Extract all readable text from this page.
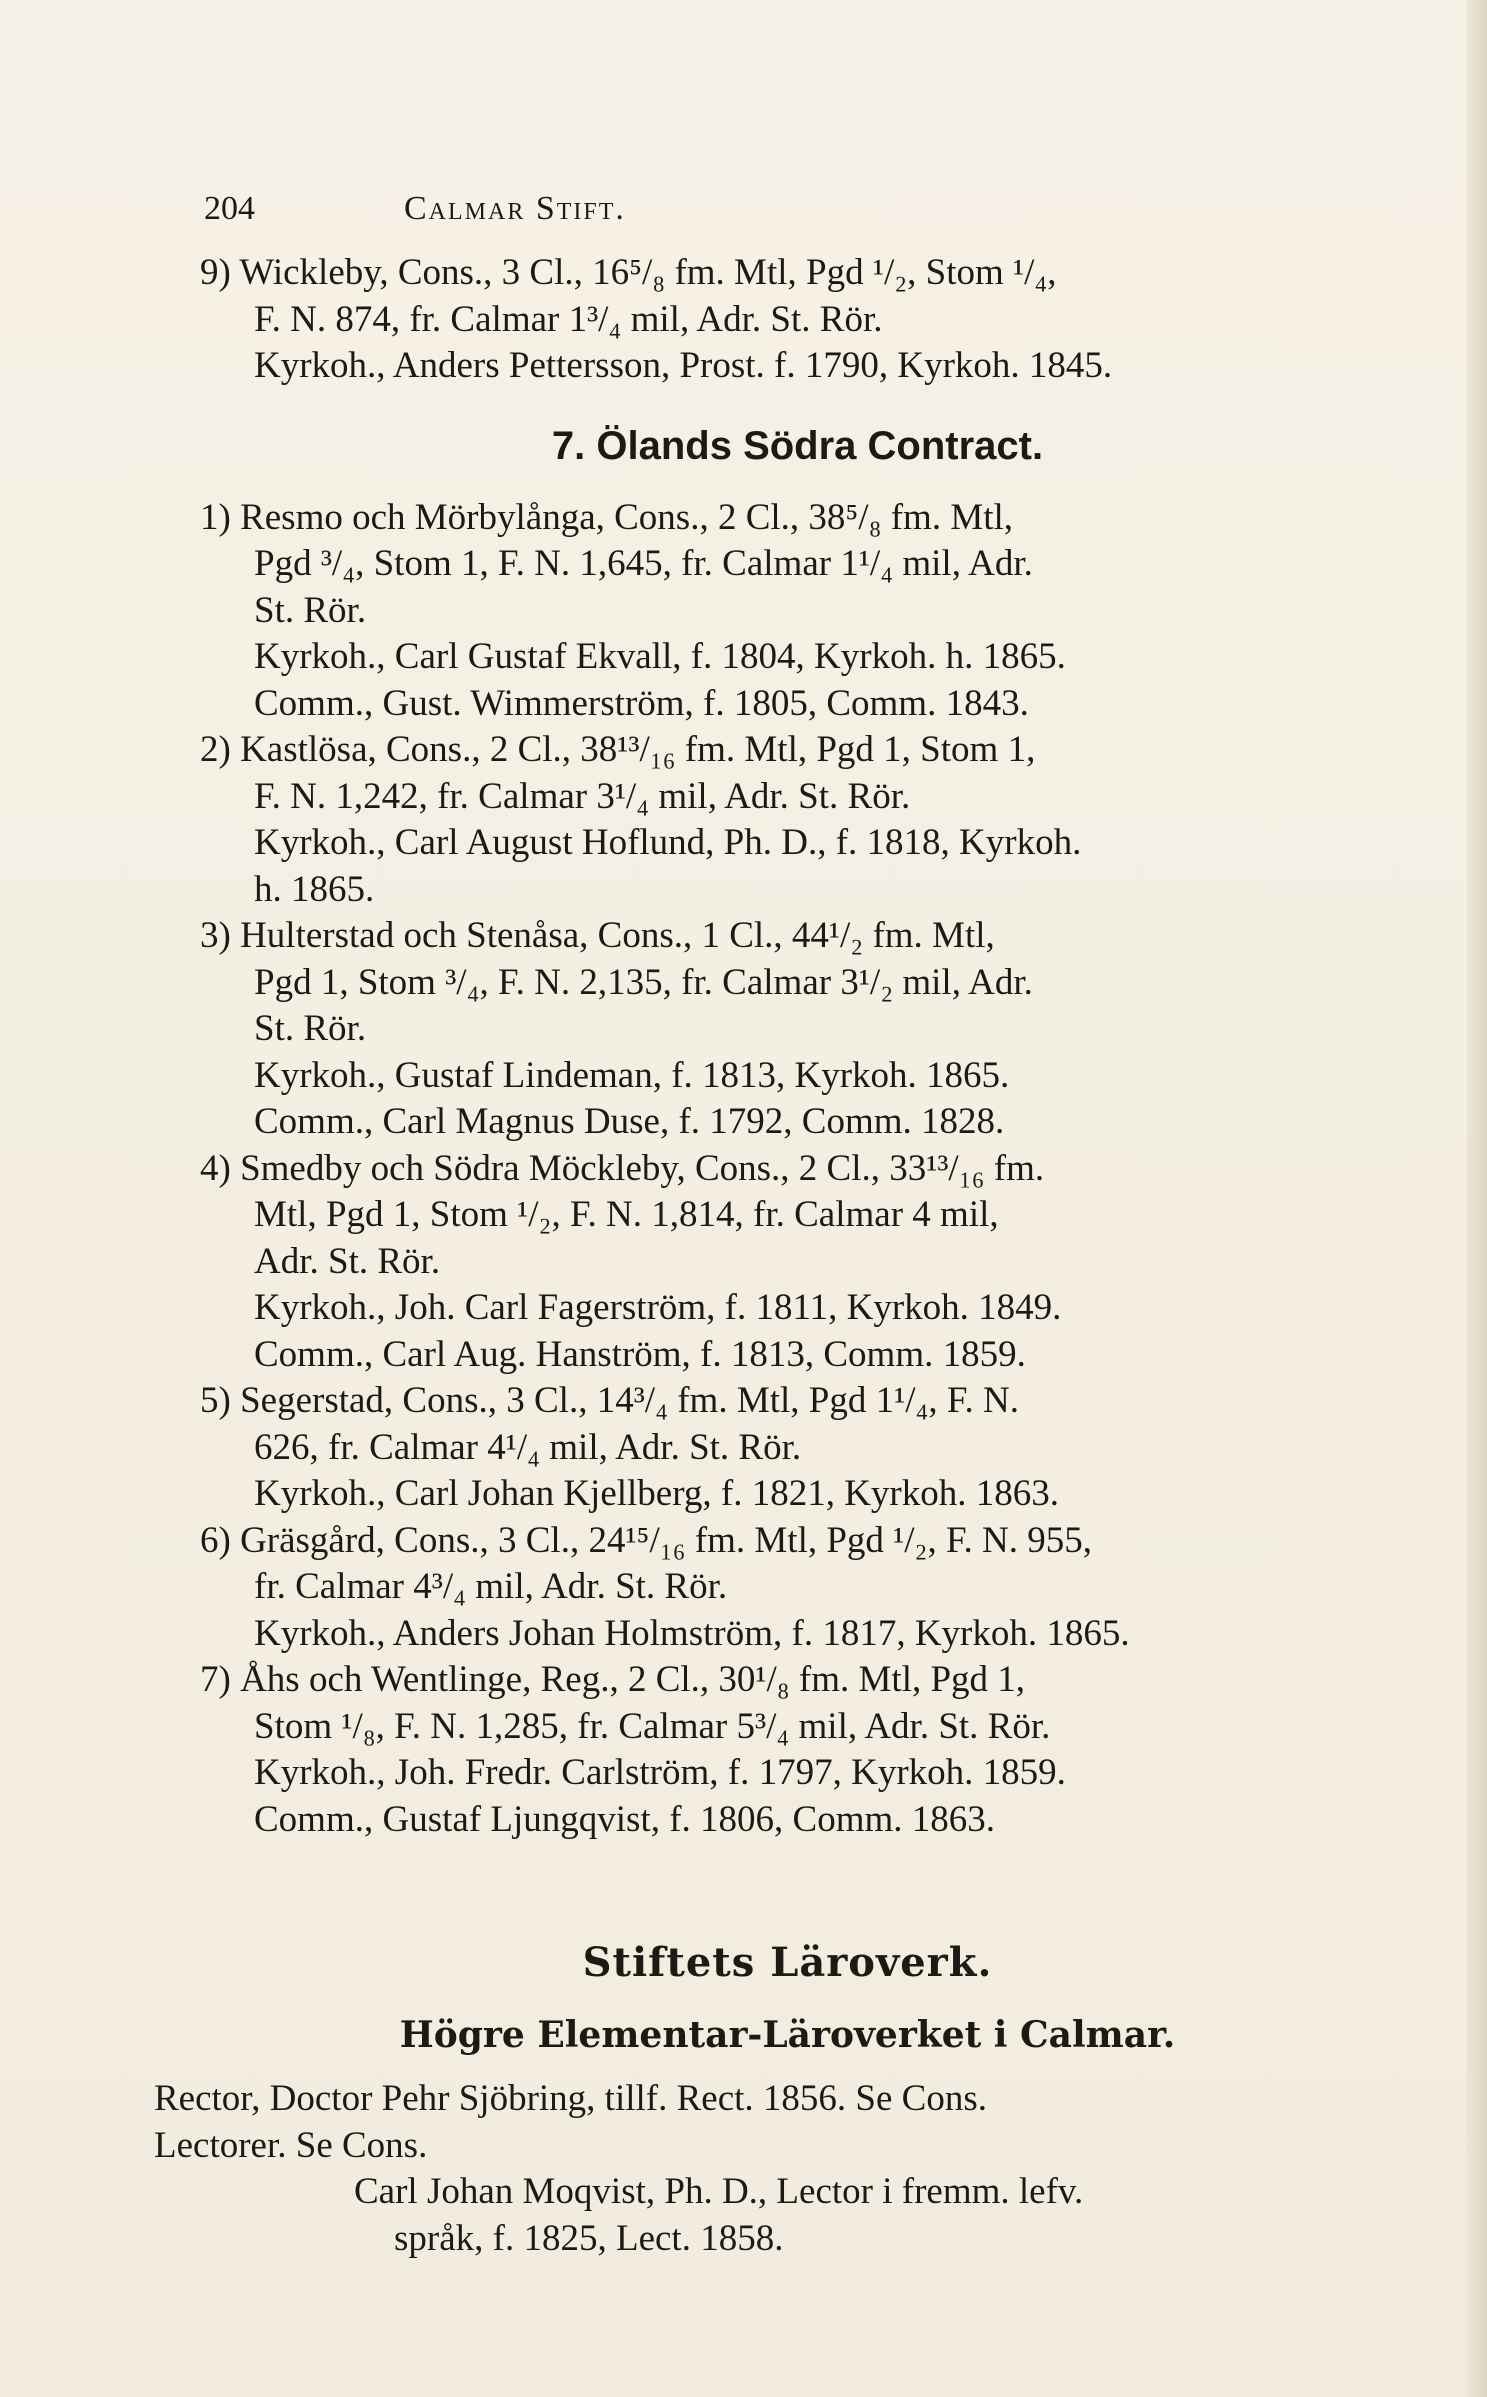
204	Calmar Stift.
9) Wickleby, Cons., 3 Cl., 16⁵/₈ fm. Mtl, Pgd ¹/₂, Stom ¹/₄,
F. N. 874, fr. Calmar 1³/₄ mil, Adr. St. Rör.
Kyrkoh., Anders Pettersson, Prost. f. 1790, Kyrkoh. 1845.
7. Ölands Södra Contract.
1) Resmo och Mörbylånga, Cons., 2 Cl., 38⁵/₈ fm. Mtl,
Pgd ³/₄, Stom 1, F. N. 1,645, fr. Calmar 1¹/₄ mil, Adr.
St. Rör.
Kyrkoh., Carl Gustaf Ekvall, f. 1804, Kyrkoh. h. 1865.
Comm., Gust. Wimmerström, f. 1805, Comm. 1843.
2) Kastlösa, Cons., 2 Cl., 38¹³/₁₆ fm. Mtl, Pgd 1, Stom 1,
F. N. 1,242, fr. Calmar 3¹/₄ mil, Adr. St. Rör.
Kyrkoh., Carl August Hoflund, Ph. D., f. 1818, Kyrkoh.
h. 1865.
3) Hulterstad och Stenåsa, Cons., 1 Cl., 44¹/₂ fm. Mtl,
Pgd 1, Stom ³/₄, F. N. 2,135, fr. Calmar 3¹/₂ mil, Adr.
St. Rör.
Kyrkoh., Gustaf Lindeman, f. 1813, Kyrkoh. 1865.
Comm., Carl Magnus Duse, f. 1792, Comm. 1828.
4) Smedby och Södra Möckleby, Cons., 2 Cl., 33¹³/₁₆ fm.
Mtl, Pgd 1, Stom ¹/₂, F. N. 1,814, fr. Calmar 4 mil,
Adr. St. Rör.
Kyrkoh., Joh. Carl Fagerström, f. 1811, Kyrkoh. 1849.
Comm., Carl Aug. Hanström, f. 1813, Comm. 1859.
5) Segerstad, Cons., 3 Cl., 14³/₄ fm. Mtl, Pgd 1¹/₄, F. N.
626, fr. Calmar 4¹/₄ mil, Adr. St. Rör.
Kyrkoh., Carl Johan Kjellberg, f. 1821, Kyrkoh. 1863.
6) Gräsgård, Cons., 3 Cl., 24¹⁵/₁₆ fm. Mtl, Pgd ¹/₂, F. N. 955,
fr. Calmar 4³/₄ mil, Adr. St. Rör.
Kyrkoh., Anders Johan Holmström, f. 1817, Kyrkoh. 1865.
7) Åhs och Wentlinge, Reg., 2 Cl., 30¹/₈ fm. Mtl, Pgd 1,
Stom ¹/₈, F. N. 1,285, fr. Calmar 5³/₄ mil, Adr. St. Rör.
Kyrkoh., Joh. Fredr. Carlström, f. 1797, Kyrkoh. 1859.
Comm., Gustaf Ljungqvist, f. 1806, Comm. 1863.
Stiftets Läroverk.
Högre Elementar-Läroverket i Calmar.
Rector, Doctor Pehr Sjöbring, tillf. Rect. 1856. Se Cons.
Lectorer. Se Cons.
Carl Johan Moqvist, Ph. D., Lector i fremm. lefv.
språk, f. 1825, Lect. 1858.
